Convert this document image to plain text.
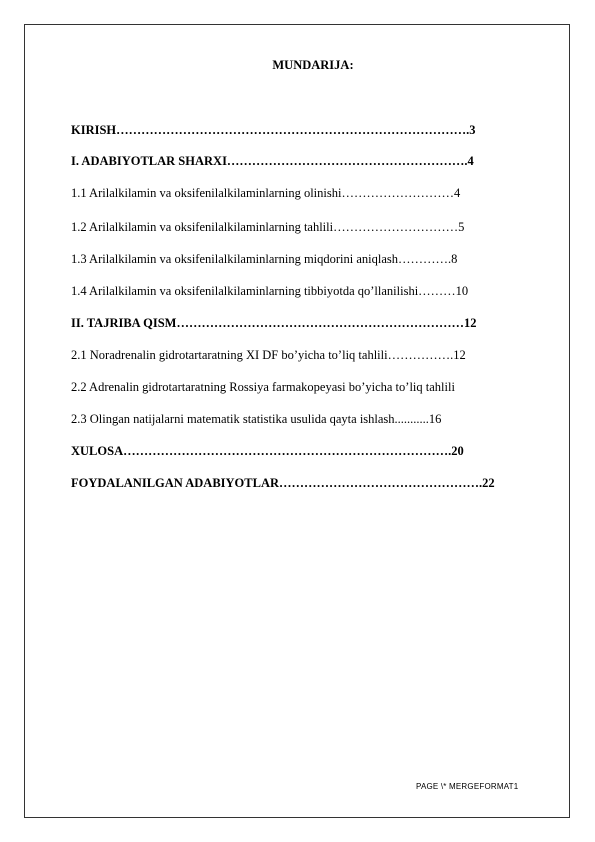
MUNDARIJA:
KIRISH………………………………………………………………………….3
I. ADABIYOTLAR SHARXI………………………………………………….4
1.1 Arilalkilamin va oksifenilalkilaminlarning olinishi………………………4
1.2 Arilalkilamin va oksifenilalkilaminlarning tahlili…………………………5
1.3 Arilalkilamin va oksifenilalkilaminlarning miqdorini aniqlash………….8
1.4 Arilalkilamin va oksifenilalkilaminlarning tibbiyotda qo’llanilishi………10
II. TAJRIBA QISM……………………………………………………………12
2.1 Noradrenalin gidrotartaratning XI DF bo’yicha to’liq tahlili…………….12
2.2 Adrenalin gidrotartaratning Rossiya farmakopeyasi bo’yicha to’liq tahlili
2.3 Olingan natijalarni matematik statistika usulida qayta ishlash...........16
XULOSA…………………………………………………………………….20
FOYDALANILGAN ADABIYOTLAR………………………………………….22
PAGE \* MERGEFORMAT1
